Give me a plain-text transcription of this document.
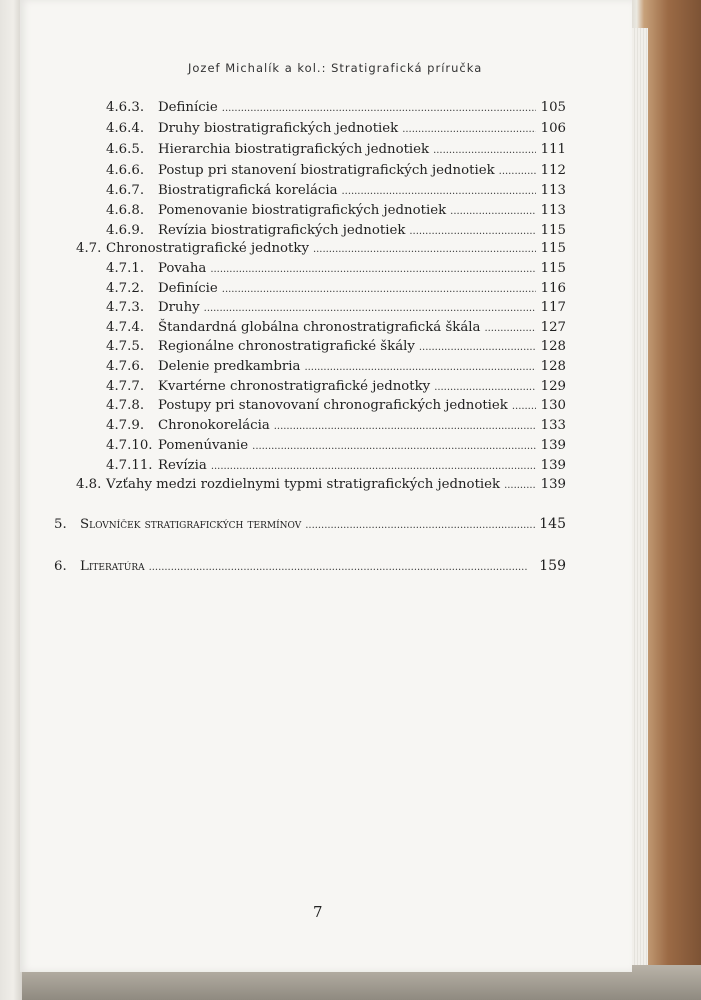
Jozef Michalík a kol.: Stratigrafická príručka
4.6.3.	Definície . . .	105
4.6.4.	Druhy biostratigrafických jednotiek . . .	106
4.6.5.	Hierarchia biostratigrafických jednotiek . . .	111
4.6.6.	Postup pri stanovení biostratigrafických jednotiek . . .	112
4.6.7.	Biostratigrafická korelácia . . .	113
4.6.8.	Pomenovanie biostratigrafických jednotiek . . .	113
4.6.9.	Revízia biostratigrafických jednotiek . . .	115
4.7. Chronostratigrafické jednotky . . .	115
4.7.1.	Povaha . . .	115
4.7.2.	Definície . . .	116
4.7.3.	Druhy . . .	117
4.7.4.	Štandardná globálna chronostratigrafická škála . . .	127
4.7.5.	Regionálne chronostratigrafické škály . . .	128
4.7.6.	Delenie predkambria . . .	128
4.7.7.	Kvartérne chronostratigrafické jednotky . . .	129
4.7.8.	Postupy pri stanovovaní chronografických jednotiek . . . 130
4.7.9.	Chronokorelácia . . .	133
4.7.10. Pomenúvanie . . .	139
4.7.11. Revízia . . .	139
4.8. Vzťahy medzi rozdielnymi typmi stratigrafických jednotiek . . .	139
5.	Slovníček stratigrafických termínov . . .	145
6.	Literatúra . . .	159
7
